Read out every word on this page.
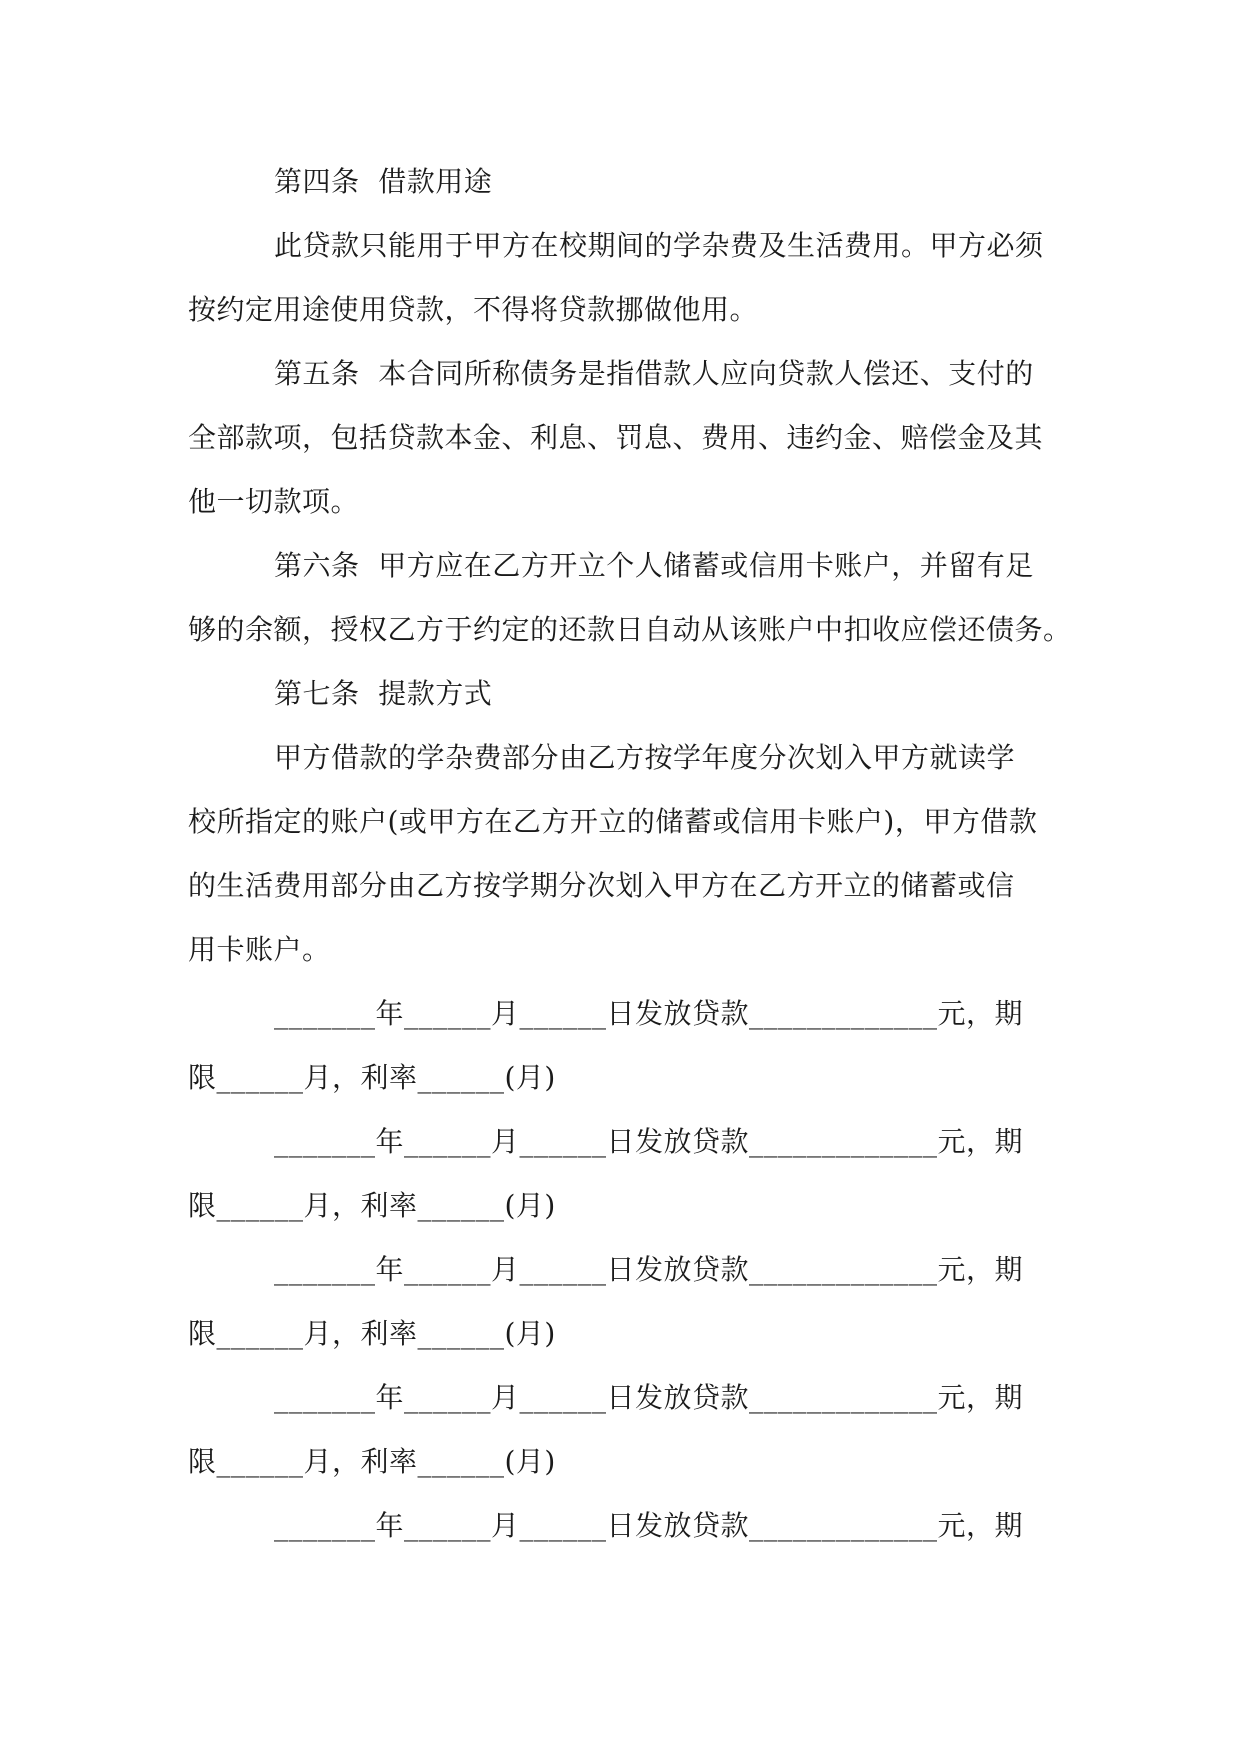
第四条  借款用途
此贷款只能用于甲方在校期间的学杂费及生活费用。甲方必须
按约定用途使用贷款，不得将贷款挪做他用。
第五条  本合同所称债务是指借款人应向贷款人偿还、支付的
全部款项，包括贷款本金、利息、罚息、费用、违约金、赔偿金及其
他一切款项。
第六条  甲方应在乙方开立个人储蓄或信用卡账户，并留有足
够的余额，授权乙方于约定的还款日自动从该账户中扣收应偿还债务。
第七条  提款方式
甲方借款的学杂费部分由乙方按学年度分次划入甲方就读学
校所指定的账户(或甲方在乙方开立的储蓄或信用卡账户)，甲方借款
的生活费用部分由乙方按学期分次划入甲方在乙方开立的储蓄或信
用卡账户。
_______年______月______日发放贷款_____________元，期
限______月，利率______(月)
_______年______月______日发放贷款_____________元，期
限______月，利率______(月)
_______年______月______日发放贷款_____________元，期
限______月，利率______(月)
_______年______月______日发放贷款_____________元，期
限______月，利率______(月)
_______年______月______日发放贷款_____________元，期
